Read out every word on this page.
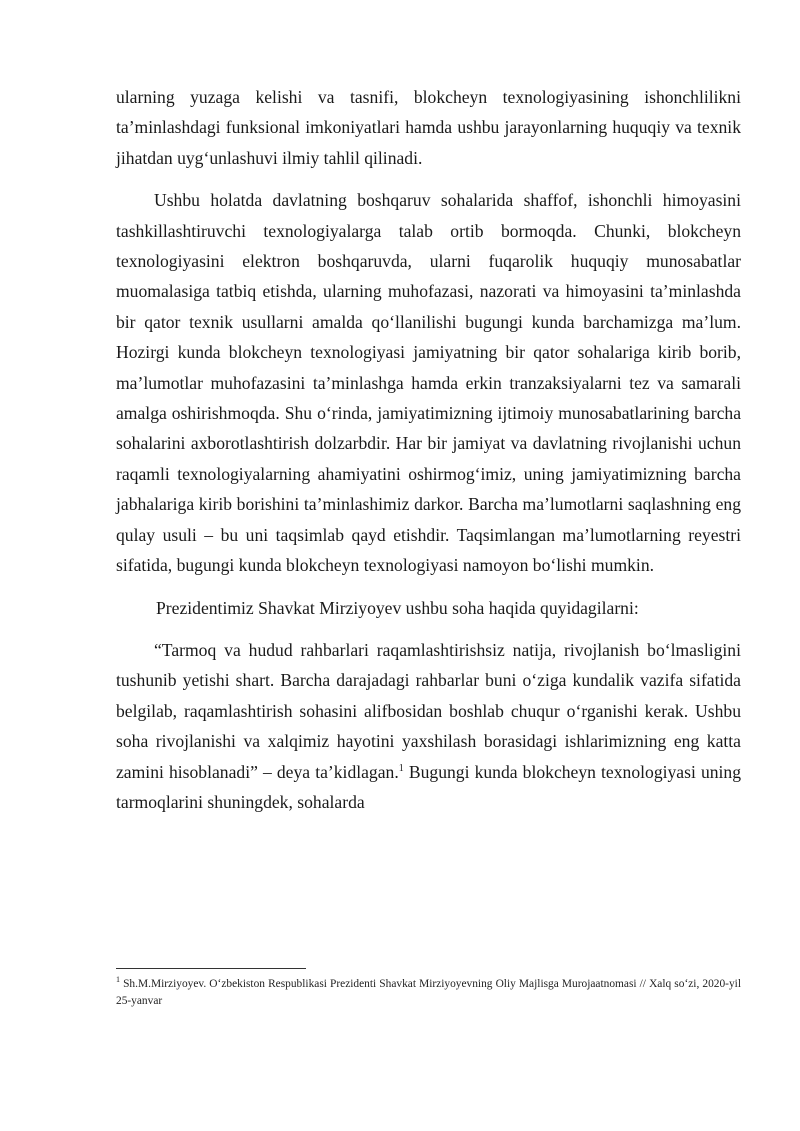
ularning yuzaga kelishi va tasnifi, blokcheyn texnologiyasining ishonchlilikni ta’minlashdagi funksional imkoniyatlari hamda ushbu jarayonlarning huquqiy va texnik jihatdan uyg‘unlashuvi ilmiy tahlil qilinadi.

Ushbu holatda davlatning boshqaruv sohalarida shaffof, ishonchli himoyasini tashkillashtiruvchi texnologiyalarga talab ortib bormoqda. Chunki, blokcheyn texnologiyasini elektron boshqaruvda, ularni fuqarolik huquqiy munosabatlar muomalasiga tatbiq etishda, ularning muhofazasi, nazorati va himoyasini ta’minlashda bir qator texnik usullarni amalda qo‘llanilishi bugungi kunda barchamizga ma’lum. Hozirgi kunda blokcheyn texnologiyasi jamiyatning bir qator sohalariga kirib borib, ma’lumotlar muhofazasini ta’minlashga hamda erkin tranzaksiyalarni tez va samarali amalga oshirishmoqda. Shu o‘rinda, jamiyatimizning ijtimoiy munosabatlarining barcha sohalarini axborotlashtirish dolzarbdir. Har bir jamiyat va davlatning rivojlanishi uchun raqamli texnologiyalarning ahamiyatini oshirmog‘imiz, uning jamiyatimizning barcha jabhalariga kirib borishini ta’minlashimiz darkor. Barcha ma’lumotlarni saqlashning eng qulay usuli – bu uni taqsimlab qayd etishdir. Taqsimlangan ma’lumotlarning reyestri sifatida, bugungi kunda blokcheyn texnologiyasi namoyon bo‘lishi mumkin.

Prezidentimiz Shavkat Mirziyoyev ushbu soha haqida quyidagilarni:

“Tarmoq va hudud rahbarlari raqamlashtirishsiz natija, rivojlanish bo‘lmasligini tushunib yetishi shart. Barcha darajadagi rahbarlar buni o‘ziga kundalik vazifa sifatida belgilab, raqamlashtirish sohasini alifbosidan boshlab chuqur o‘rganishi kerak. Ushbu soha rivojlanishi va xalqimiz hayotini yaxshilash borasidagi ishlarimizning eng katta zamini hisoblanadi” – deya ta’kidlagan.$^1$ Bugungi kunda blokcheyn texnologiyasi uning tarmoqlarini shuningdek, sohalarda

$^1$ Sh.M.Mirziyoyev. O‘zbekiston Respublikasi Prezidenti Shavkat Mirziyoyevning Oliy Majlisga Murojaatnomasi // Xalq so‘zi, 2020-yil 25-yanvar
